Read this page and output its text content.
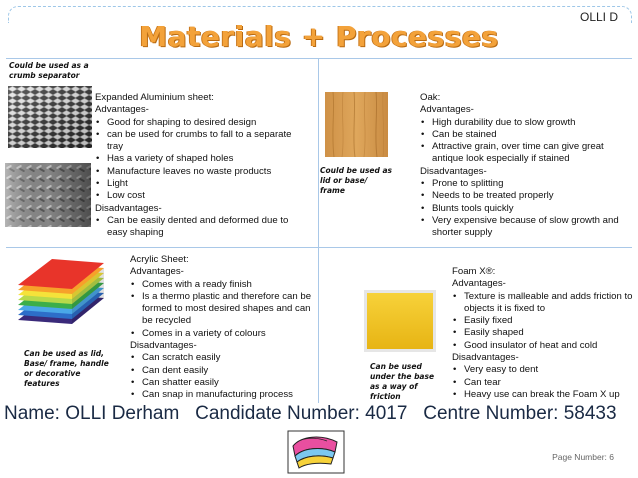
OLLI D
Materials + Processes
Could be used as a crumb separator

Expanded Aluminium sheet:

Advantages-

• Good for shaping to desired design
• can be used for crumbs to fall to a separate tray
• Has a variety of shaped holes
• Manufacture leaves no waste products
• Light
• Low cost

Disadvantages-

• Can be easily dented and deformed due to easy shaping
Could be used as lid or base/ frame

Oak:

Advantages-

• High durability due to slow growth
• Can be stained
• Attractive grain, over time can give great antique look especially if stained

Disadvantages-

• Prone to splitting
• Needs to be treated properly
• Blunts tools quickly
• Very expensive because of slow growth and shorter supply
Can be used as lid, Base/ frame, handle or decorative features

Acrylic Sheet:

Advantages-

• Comes with a ready finish
• Is a thermo plastic and therefore can be formed to most desired shapes and can be recycled
• Comes in a variety of colours

Disadvantages-

• Can scratch easily
• Can dent easily
• Can shatter easily
• Can snap in manufacturing process
Can be used under the base as a way of friction

Foam X®:

Advantages-

• Texture is malleable and adds friction to objects it is fixed to
• Easily fixed
• Easily shaped
• Good insulator of heat and cold

Disadvantages-

• Very easy to dent
• Can tear
• Heavy use can break the Foam X up
Name: OLLI Derham   Candidate Number: 4017   Centre Number: 58433
Page Number: 6
